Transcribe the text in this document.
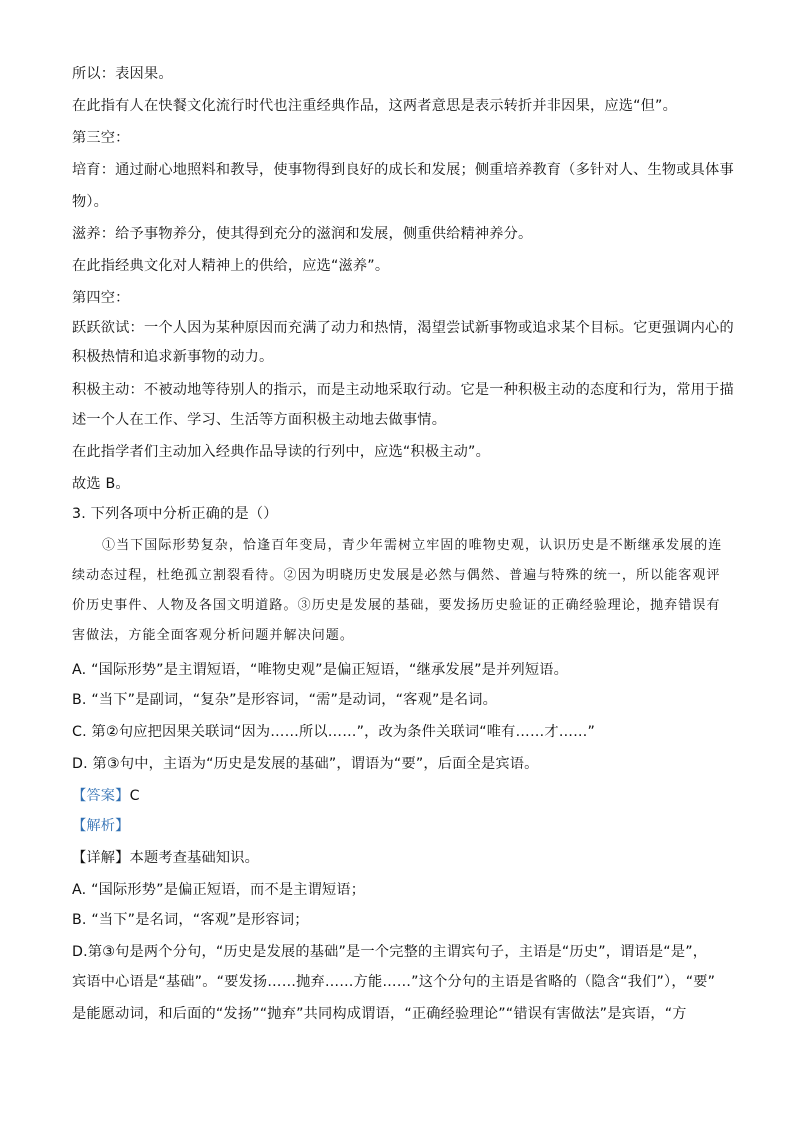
所以：表因果。
在此指有人在快餐文化流行时代也注重经典作品，这两者意思是表示转折并非因果，应选“但”。
第三空：
培育：通过耐心地照料和教导，使事物得到良好的成长和发展；侧重培养教育（多针对人、生物或具体事
物）。
滋养：给予事物养分，使其得到充分的滋润和发展，侧重供给精神养分。
在此指经典文化对人精神上的供给，应选“滋养”。
第四空：
跃跃欲试：一个人因为某种原因而充满了动力和热情，渴望尝试新事物或追求某个目标。它更强调内心的
积极热情和追求新事物的动力。
积极主动：不被动地等待别人的指示，而是主动地采取行动。它是一种积极主动的态度和行为，常用于描
述一个人在工作、学习、生活等方面积极主动地去做事情。
在此指学者们主动加入经典作品导读的行列中，应选“积极主动”。
故选 B。
3. 下列各项中分析正确的是（）
①当下国际形势复杂，恰逢百年变局，青少年需树立牢固的唯物史观，认识历史是不断继承发展的连
续动态过程，杜绝孤立割裂看待。②因为明晓历史发展是必然与偶然、普遍与特殊的统一，所以能客观评
价历史事件、人物及各国文明道路。③历史是发展的基础，要发扬历史验证的正确经验理论，抛弃错误有
害做法，方能全面客观分析问题并解决问题。
A. “国际形势”是主谓短语，“唯物史观”是偏正短语，“继承发展”是并列短语。
B. “当下”是副词，“复杂”是形容词，“需”是动词，“客观”是名词。
C. 第②句应把因果关联词“因为……所以……”，改为条件关联词“唯有……才……”
D. 第③句中，主语为“历史是发展的基础”，谓语为“要”，后面全是宾语。
【答案】C
【解析】
【详解】本题考查基础知识。
A. “国际形势”是偏正短语，而不是主谓短语；
B. “当下”是名词，“客观”是形容词；
D.第③句是两个分句，“历史是发展的基础”是一个完整的主谓宾句子，主语是“历史”，谓语是“是”，
宾语中心语是“基础”。“要发扬……抛弃……方能……”这个分句的主语是省略的（隐含“我们”），“要”
是能愿动词，和后面的“发扬”“抛弃”共同构成谓语，“正确经验理论”“错误有害做法”是宾语，“方
